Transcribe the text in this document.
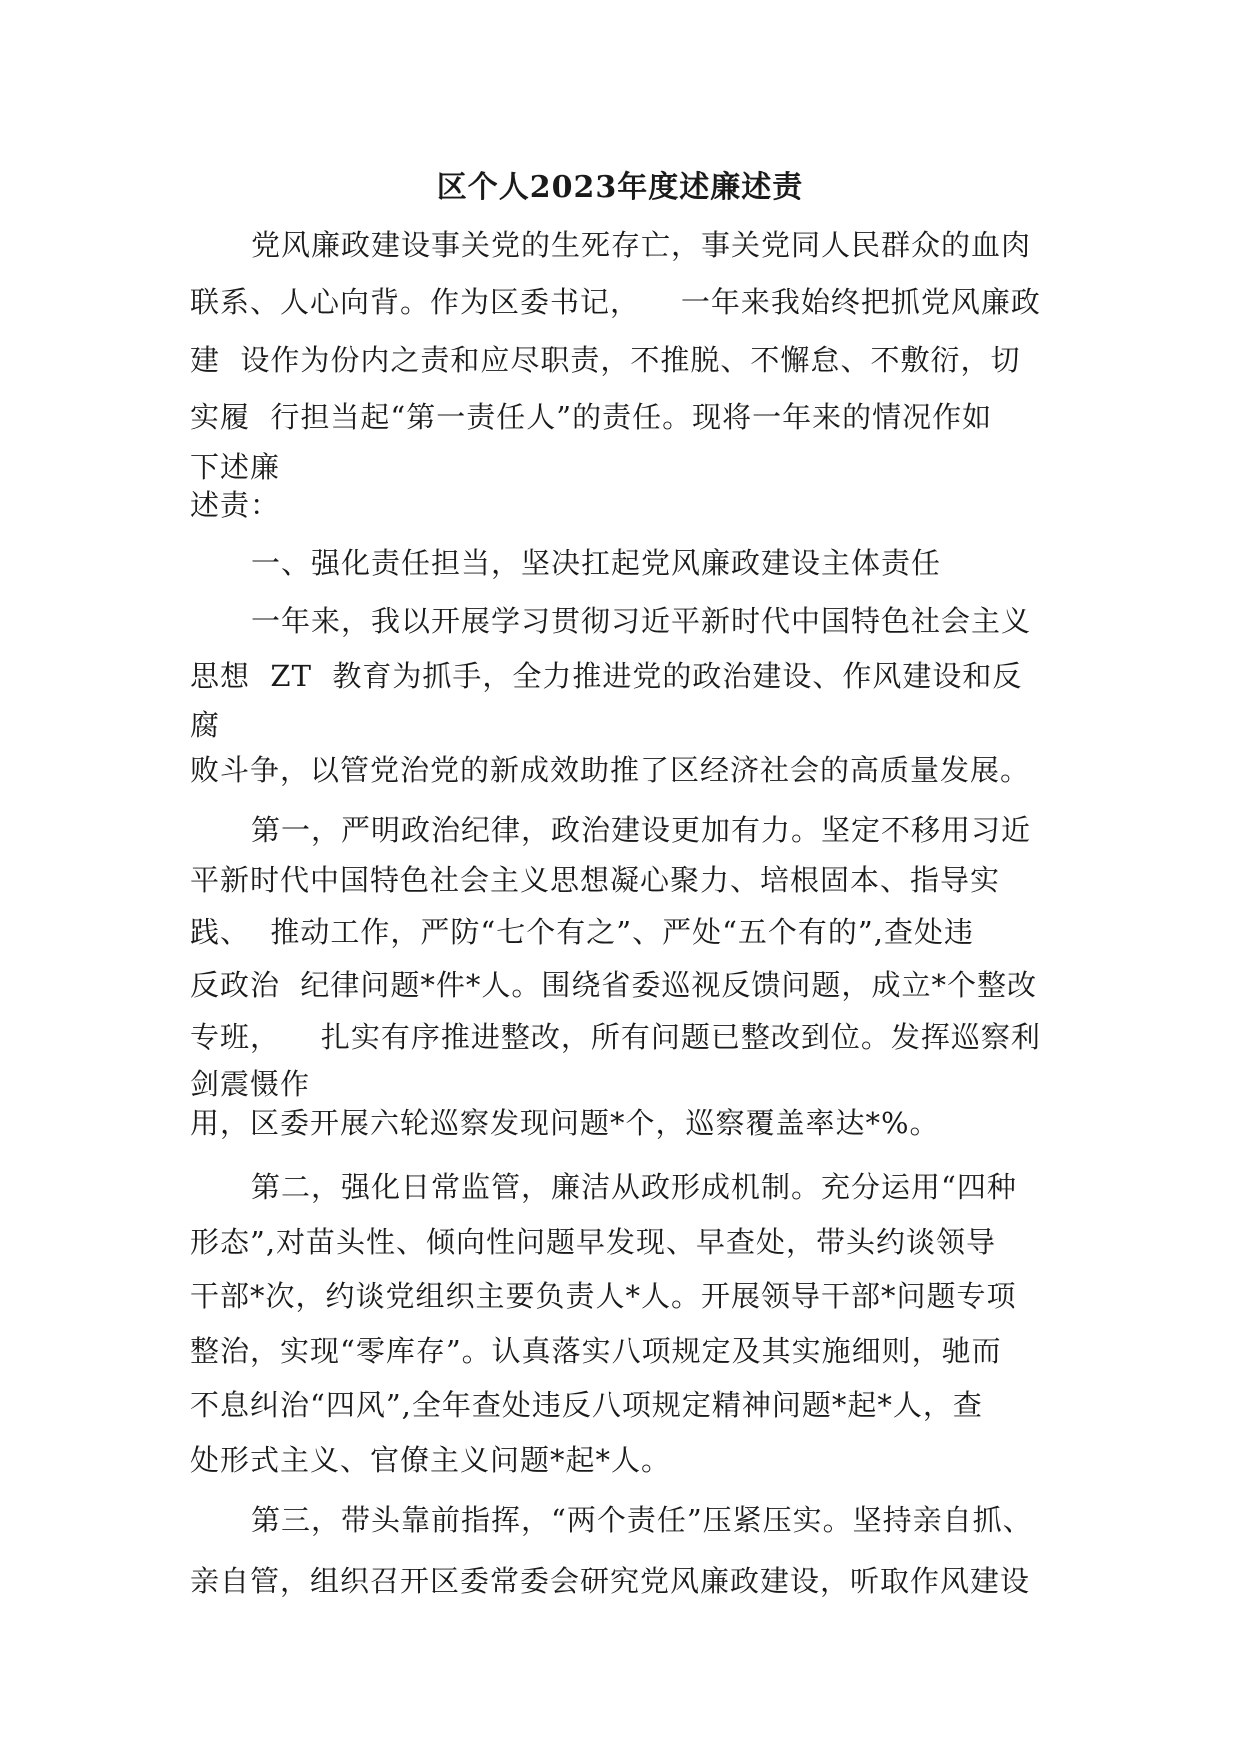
区个人2023年度述廉述责
党风廉政建设事关党的生死存亡，事关党同人民群众的血肉
联系、人心向背。作为区委书记，    一年来我始终把抓党风廉政
建  设作为份内之责和应尽职责，不推脱、不懈怠、不敷衍，切
实履  行担当起“第一责任人”的责任。现将一年来的情况作如
下述廉
述责：
一、强化责任担当，坚决扛起党风廉政建设主体责任
一年来，我以开展学习贯彻习近平新时代中国特色社会主义
思想  ZT  教育为抓手，全力推进党的政治建设、作风建设和反
腐
败斗争，以管党治党的新成效助推了区经济社会的高质量发展。
第一，严明政治纪律，政治建设更加有力。坚定不移用习近
平新时代中国特色社会主义思想凝心聚力、培根固本、指导实
践、  推动工作，严防“七个有之”、严处“五个有的”,查处违
反政治  纪律问题*件*人。围绕省委巡视反馈问题，成立*个整改
专班，    扎实有序推进整改，所有问题已整改到位。发挥巡察利
剑震慑作
用，区委开展六轮巡察发现问题*个，巡察覆盖率达*%。
第二，强化日常监管，廉洁从政形成机制。充分运用“四种
形态”,对苗头性、倾向性问题早发现、早查处，带头约谈领导
干部*次，约谈党组织主要负责人*人。开展领导干部*问题专项
整治，实现“零库存”。认真落实八项规定及其实施细则，驰而
不息纠治“四风”,全年查处违反八项规定精神问题*起*人，查
处形式主义、官僚主义问题*起*人。
第三，带头靠前指挥，“两个责任”压紧压实。坚持亲自抓、
亲自管，组织召开区委常委会研究党风廉政建设，听取作风建设
